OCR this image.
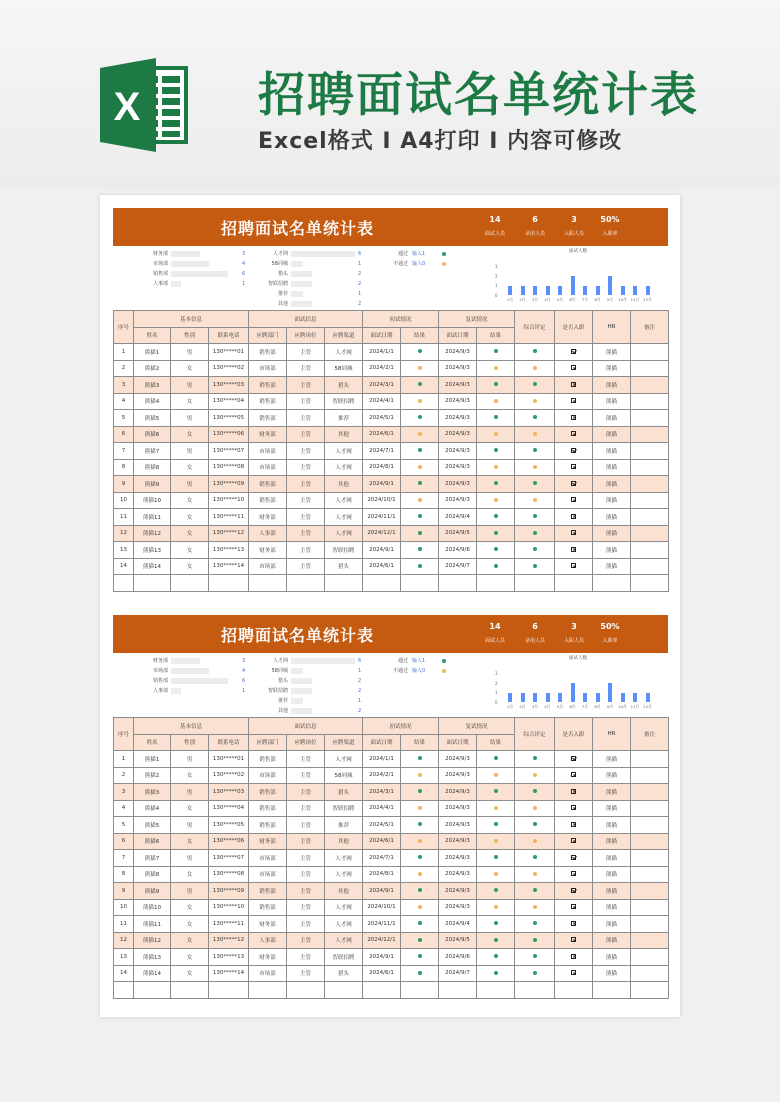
X	招聘面试名单统计表
Excel格式 I A4打印 I 内容可修改
招聘面试名单统计表	14
面试人员
6
录用人员
3
入职人员
50%
入职率
面试人数
0
1
2
3
1月	2月	3月	4月	5月	6月	7月	8月	9月	10月	11月	12月
财务部	3
市场部	4
销售部	6
人事部	1
人才网	6
58同城	1
猎头	2
智联招聘	2
推荐	1
其他	2
通过 输入1
不通过 输入0
序号	基本信息			面试信息			初试情况		复试情况		综合评定	是否入职	HR	备注
	姓名	性别	联系电话	应聘部门	应聘岗位	应聘渠道	面试日期	结果	面试日期	结果				
1	熊猫1	男	130*****01	销售部	主管	人才网	2024/1/1		2024/9/3				熊猫	
2	熊猫2	女	130*****02	市场部	主管	58同城	2024/2/1		2024/9/3				熊猫	
3	熊猫3	男	130*****03	销售部	主管	猎头	2024/3/1		2024/9/3				熊猫	
4	熊猫4	女	130*****04	销售部	主管	智联招聘	2024/4/1		2024/9/3				熊猫	
5	熊猫5	男	130*****05	销售部	主管	推荐	2024/5/1		2024/9/3				熊猫	
6	熊猫6	女	130*****06	财务部	主管	其他	2024/6/1		2024/9/3				熊猫	
7	熊猫7	男	130*****07	市场部	主管	人才网	2024/7/1		2024/9/3				熊猫	
8	熊猫8	女	130*****08	市场部	主管	人才网	2024/8/1		2024/9/3				熊猫	
9	熊猫9	男	130*****09	销售部	主管	其他	2024/9/1		2024/9/3				熊猫	
10	熊猫10	女	130*****10	销售部	主管	人才网	2024/10/1		2024/9/3				熊猫	
11	熊猫11	女	130*****11	财务部	主管	人才网	2024/11/1		2024/9/4				熊猫	
12	熊猫12	女	130*****12	人事部	主管	人才网	2024/12/1		2024/9/5				熊猫	
13	熊猫13	女	130*****13	财务部	主管	智联招聘	2024/9/1		2024/9/6				熊猫	
14	熊猫14	女	130*****14	市场部	主管	猎头	2024/6/1		2024/9/7				熊猫	

招聘面试名单统计表	14
面试人员
6
录用人员
3
入职人员
50%
入职率
面试人数
0
1
2
3
1月	2月	3月	4月	5月	6月	7月	8月	9月	10月	11月	12月
财务部	3
市场部	4
销售部	6
人事部	1
人才网	6
58同城	1
猎头	2
智联招聘	2
推荐	1
其他	2
通过 输入1
不通过 输入0
序号	基本信息			面试信息			初试情况		复试情况		综合评定	是否入职	HR	备注
	姓名	性别	联系电话	应聘部门	应聘岗位	应聘渠道	面试日期	结果	面试日期	结果				
1	熊猫1	男	130*****01	销售部	主管	人才网	2024/1/1		2024/9/3				熊猫	
2	熊猫2	女	130*****02	市场部	主管	58同城	2024/2/1		2024/9/3				熊猫	
3	熊猫3	男	130*****03	销售部	主管	猎头	2024/3/1		2024/9/3				熊猫	
4	熊猫4	女	130*****04	销售部	主管	智联招聘	2024/4/1		2024/9/3				熊猫	
5	熊猫5	男	130*****05	销售部	主管	推荐	2024/5/1		2024/9/3				熊猫	
6	熊猫6	女	130*****06	财务部	主管	其他	2024/6/1		2024/9/3				熊猫	
7	熊猫7	男	130*****07	市场部	主管	人才网	2024/7/1		2024/9/3				熊猫	
8	熊猫8	女	130*****08	市场部	主管	人才网	2024/8/1		2024/9/3				熊猫	
9	熊猫9	男	130*****09	销售部	主管	其他	2024/9/1		2024/9/3				熊猫	
10	熊猫10	女	130*****10	销售部	主管	人才网	2024/10/1		2024/9/3				熊猫	
11	熊猫11	女	130*****11	财务部	主管	人才网	2024/11/1		2024/9/4				熊猫	
12	熊猫12	女	130*****12	人事部	主管	人才网	2024/12/1		2024/9/5				熊猫	
13	熊猫13	女	130*****13	财务部	主管	智联招聘	2024/9/1		2024/9/6				熊猫	
14	熊猫14	女	130*****14	市场部	主管	猎头	2024/6/1		2024/9/7				熊猫	
